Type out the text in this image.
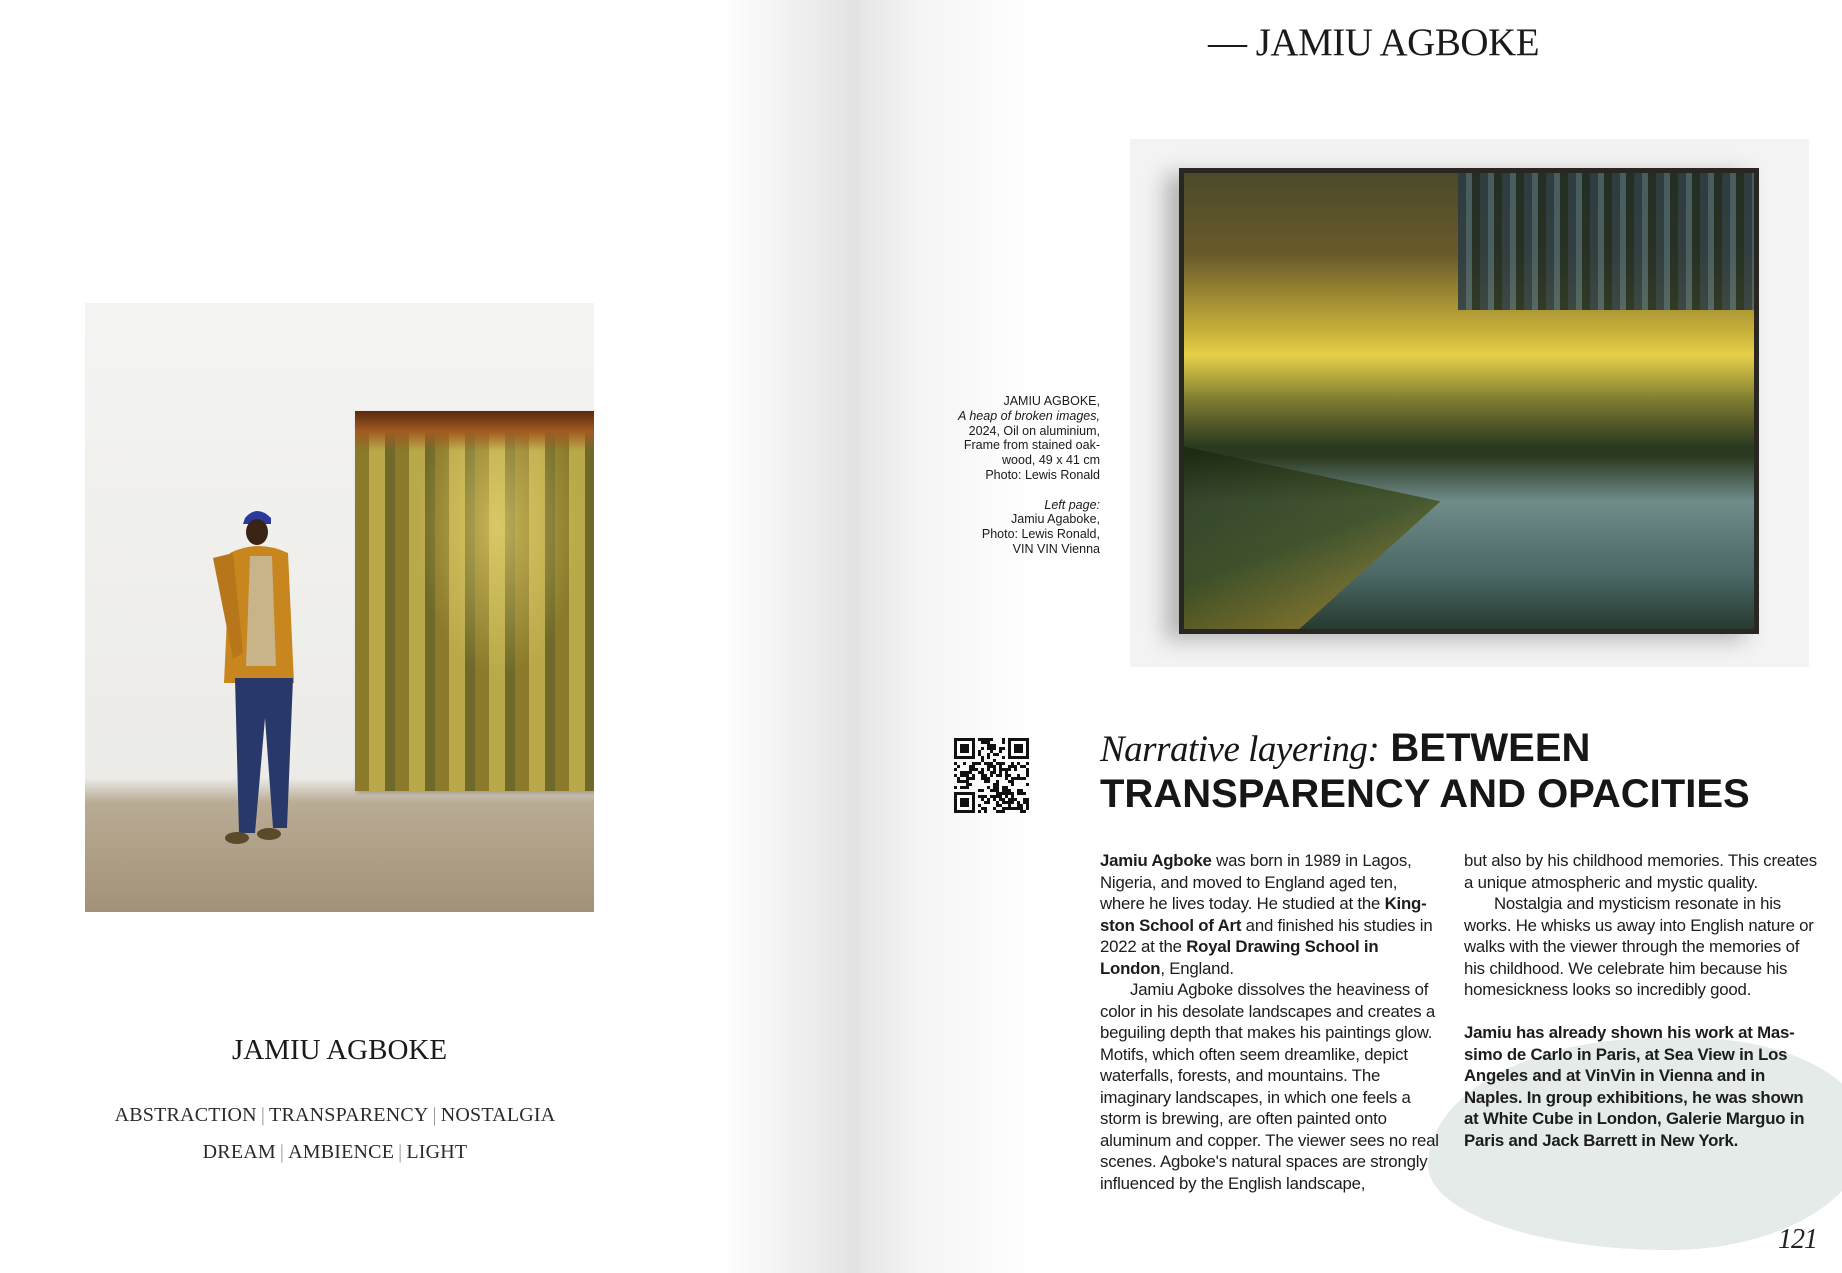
JAMIU AGBOKE
ABSTRACTION | TRANSPARENCY | NOSTALGIA
DREAM | AMBIENCE | LIGHT
— JAMIU AGBOKE
JAMIU AGBOKE,
A heap of broken images,
2024, Oil on aluminium,
Frame from stained oak-
wood, 49 x 41 cm
Photo: Lewis Ronald
Left page:
Jamiu Agaboke,
Photo: Lewis Ronald,
VIN VIN Vienna
Narrative layering: BETWEEN
TRANSPARENCY AND OPACITIES

Jamiu Agboke was born in 1989 in Lagos, Nigeria, and moved to England aged ten, where he lives today. He studied at the Kingston School of Art and finished his studies in 2022 at the Royal Drawing School in London, England.

Jamiu Agboke dissolves the heaviness of color in his desolate landscapes and creates a beguiling depth that makes his paintings glow. Motifs, which often seem dreamlike, depict waterfalls, forests, and mountains. The imaginary landscapes, in which one feels a storm is brewing, are often painted onto aluminum and copper. The viewer sees no real scenes. Agboke's natural spaces are strongly influenced by the English landscape,

but also by his childhood memories. This creates a unique atmospheric and mystic quality.

Nostalgia and mysticism resonate in his works. He whisks us away into English nature or walks with the viewer through the memories of his childhood. We celebrate him because his homesickness looks so incredibly good.

Jamiu has already shown his work at Massimo de Carlo in Paris, at Sea View in Los Angeles and at VinVin in Vienna and in Naples. In group exhibitions, he was shown at White Cube in London, Galerie Marguo in Paris and Jack Barrett in New York.

121
